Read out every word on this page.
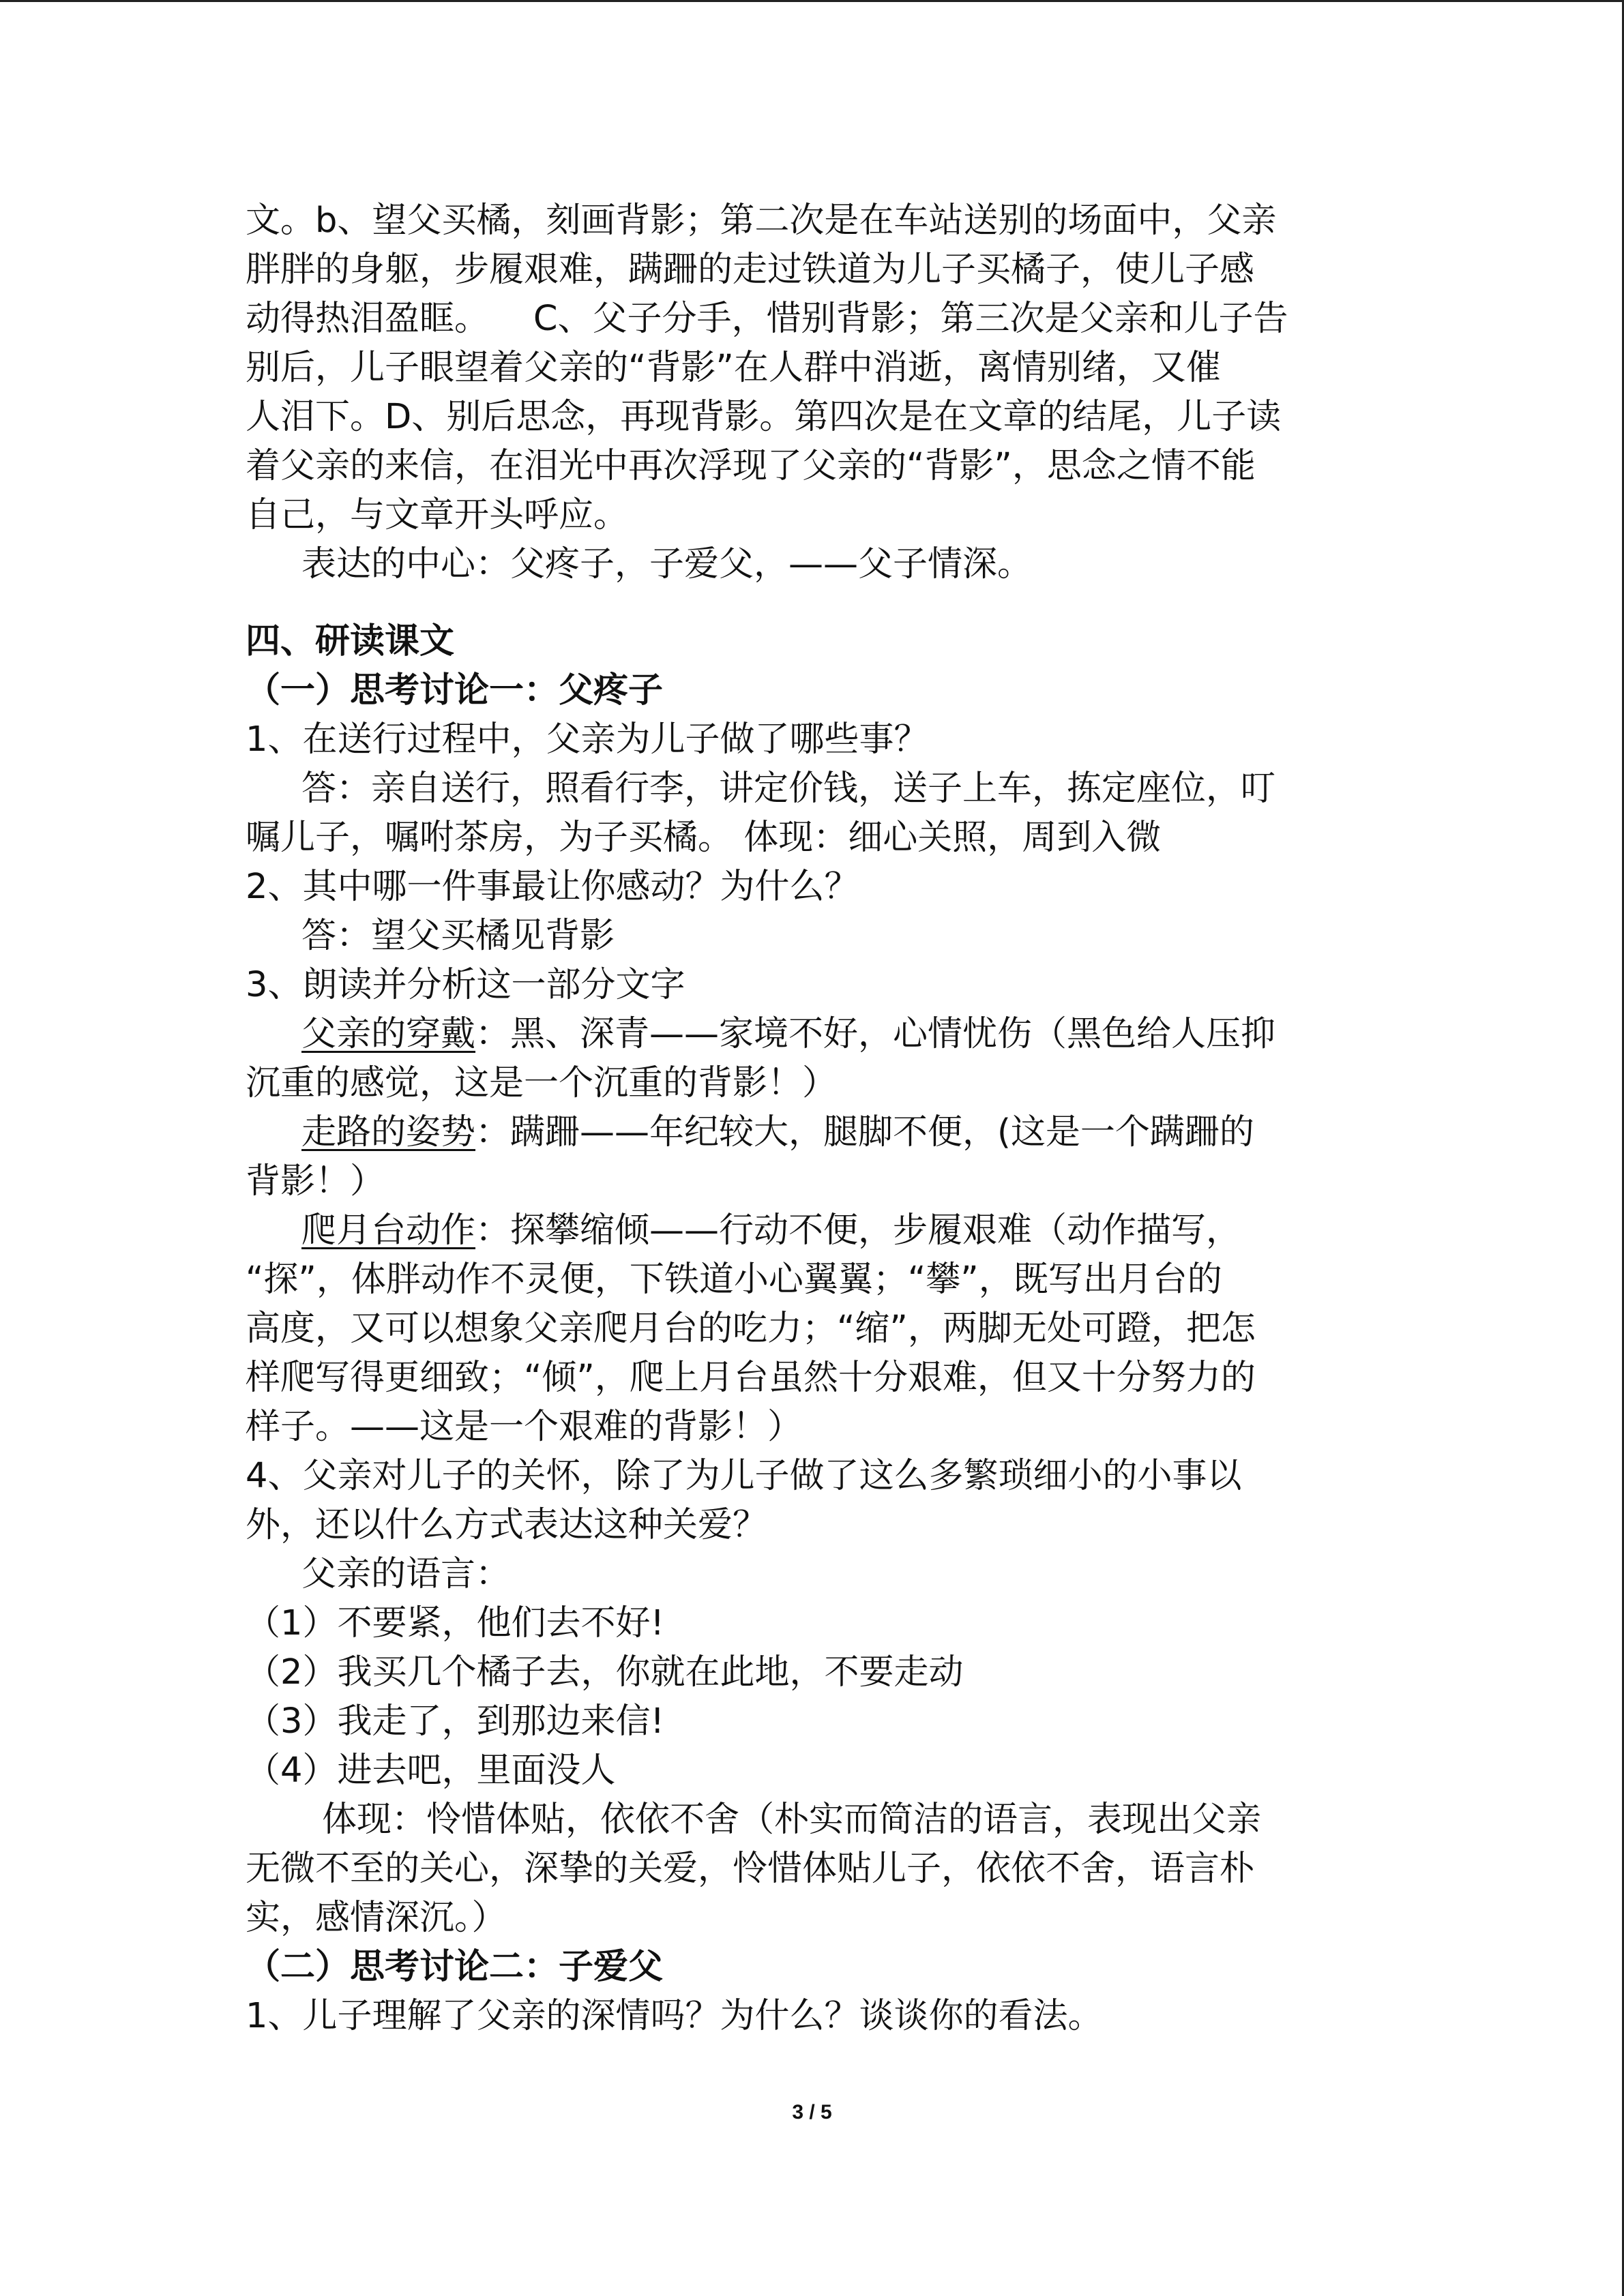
文。b、望父买橘，刻画背影；第二次是在车站送别的场面中，父亲
胖胖的身躯，步履艰难，蹒跚的走过铁道为儿子买橘子，使儿子感
动得热泪盈眶。    C、父子分手，惜别背影；第三次是父亲和儿子告
别后，儿子眼望着父亲的“背影”在人群中消逝，离情别绪，又催
人泪下。D、别后思念，再现背影。第四次是在文章的结尾，儿子读
着父亲的来信，在泪光中再次浮现了父亲的“背影”，思念之情不能
自己，与文章开头呼应。
表达的中心：父疼子，子爱父，——父子情深。
四、研读课文
（一）思考讨论一：父疼子
1、在送行过程中，父亲为儿子做了哪些事？
答：亲自送行，照看行李，讲定价钱，送子上车，拣定座位，叮
嘱儿子，嘱咐茶房，为子买橘。 体现：细心关照，周到入微
2、其中哪一件事最让你感动？为什么？
答：望父买橘见背影
3、朗读并分析这一部分文字
父亲的穿戴：黑、深青——家境不好，心情忧伤（黑色给人压抑
沉重的感觉，这是一个沉重的背影！）
走路的姿势：蹒跚——年纪较大，腿脚不便，(这是一个蹒跚的
背影！）
爬月台动作：探攀缩倾——行动不便，步履艰难（动作描写，
“探”，体胖动作不灵便，下铁道小心翼翼；“攀”，既写出月台的
高度，又可以想象父亲爬月台的吃力；“缩”，两脚无处可蹬，把怎
样爬写得更细致；“倾”，爬上月台虽然十分艰难，但又十分努力的
样子。——这是一个艰难的背影！）
4、父亲对儿子的关怀，除了为儿子做了这么多繁琐细小的小事以
外，还以什么方式表达这种关爱？
父亲的语言：
（1）不要紧，他们去不好!
（2）我买几个橘子去，你就在此地，不要走动
（3）我走了，到那边来信!
（4）进去吧，里面没人
体现：怜惜体贴，依依不舍（朴实而简洁的语言，表现出父亲
无微不至的关心，深挚的关爱，怜惜体贴儿子，依依不舍，语言朴
实，感情深沉。）
（二）思考讨论二：子爱父
1、儿子理解了父亲的深情吗？为什么？谈谈你的看法。
3 / 5
